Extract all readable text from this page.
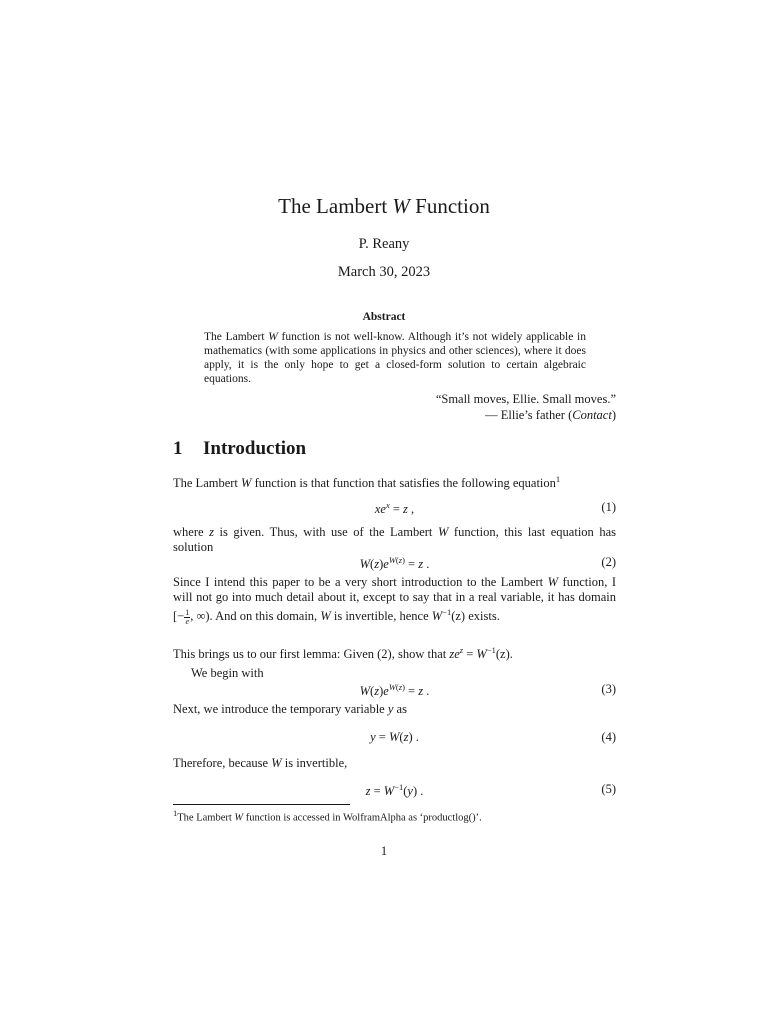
The Lambert W Function
P. Reany
March 30, 2023
Abstract
The Lambert W function is not well-know. Although it’s not widely applicable in mathematics (with some applications in physics and other sciences), where it does apply, it is the only hope to get a closed-form solution to certain algebraic equations.
“Small moves, Ellie. Small moves.”
— Ellie’s father (Contact)
1 Introduction
The Lambert W function is that function that satisfies the following equation$^1$
$xe^x = z$ ,	(1)
where z is given. Thus, with use of the Lambert W function, this last equation has solution
$W(z)e^{W(z)} = z$ .	(2)
Since I intend this paper to be a very short introduction to the Lambert W function, I will not go into much detail about it, except to say that in a real variable, it has domain [− $\frac{1}{e}$ , ∞). And on this domain, W is invertible, hence $W^{-1}(z)$ exists.
This brings us to our first lemma: Given (2), show that $ze^z = W^{-1}(z)$.
We begin with
$W(z)e^{W(z)} = z$ .	(3)
Next, we introduce the temporary variable y as
y = W(z) .	(4)
Therefore, because W is invertible,
$z = W^{-1}(y)$ .	(5)
$^1$The Lambert W function is accessed in WolframAlpha as ‘productlog()’.
1
